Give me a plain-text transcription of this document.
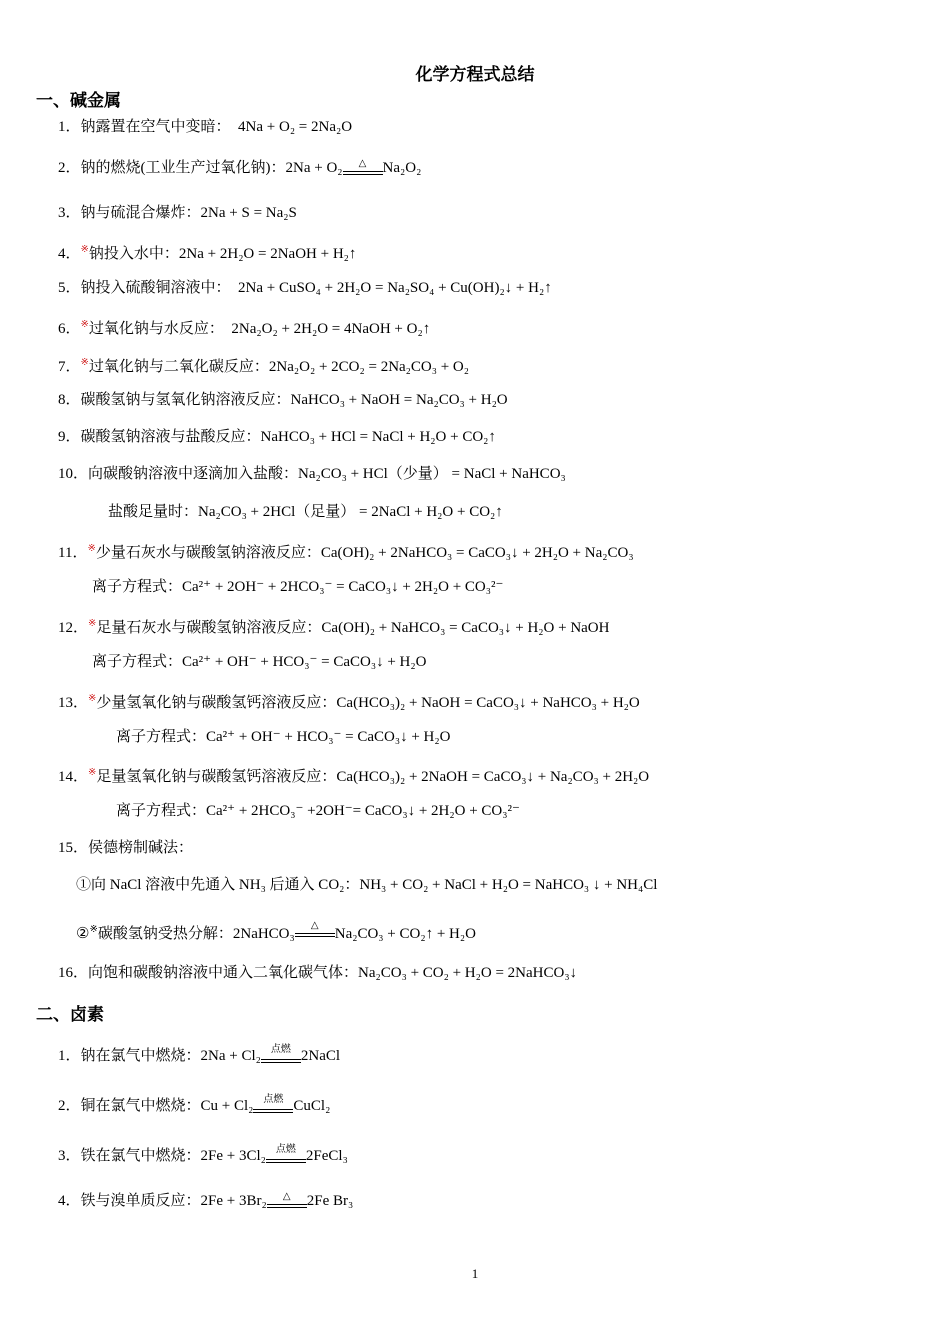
化学方程式总结
一、碱金属
1．钠露置在空气中变暗： 4Na + O₂ = 2Na₂O
2．钠的燃烧(工业生产过氧化钠)：2Na + O₂ △ Na₂O₂
3．钠与硫混合爆炸：2Na + S = Na₂S
4．※钠投入水中：2Na + 2H₂O = 2NaOH + H₂↑
5．钠投入硫酸铜溶液中： 2Na + CuSO₄ + 2H₂O = Na₂SO₄ + Cu(OH)₂↓ + H₂↑
6．※过氧化钠与水反应： 2Na₂O₂ + 2H₂O = 4NaOH + O₂↑
7．※过氧化钠与二氧化碳反应：2Na₂O₂ + 2CO₂ = 2Na₂CO₃ + O₂
8．碳酸氢钠与氢氧化钠溶液反应：NaHCO₃ + NaOH = Na₂CO₃ + H₂O
9．碳酸氢钠溶液与盐酸反应：NaHCO₃ + HCl = NaCl + H₂O + CO₂↑
10．向碳酸钠溶液中逐滴加入盐酸：Na₂CO₃ + HCl（少量） = NaCl + NaHCO₃
盐酸足量时：Na₂CO₃ + 2HCl（足量） = 2NaCl + H₂O + CO₂↑
11．※少量石灰水与碳酸氢钠溶液反应：Ca(OH)₂ + 2NaHCO₃ = CaCO₃↓ + 2H₂O + Na₂CO₃
离子方程式：Ca²⁺ + 2OH⁻ + 2HCO₃⁻ = CaCO₃↓ + 2H₂O + CO₃²⁻
12．※足量石灰水与碳酸氢钠溶液反应：Ca(OH)₂ + NaHCO₃ = CaCO₃↓ + H₂O + NaOH
离子方程式：Ca²⁺ + OH⁻ + HCO₃⁻ = CaCO₃↓ + H₂O
13．※少量氢氧化钠与碳酸氢钙溶液反应：Ca(HCO₃)₂ + NaOH = CaCO₃↓ + NaHCO₃ + H₂O
离子方程式：Ca²⁺ + OH⁻ + HCO₃⁻ = CaCO₃↓ + H₂O
14．※足量氢氧化钠与碳酸氢钙溶液反应：Ca(HCO₃)₂ + 2NaOH = CaCO₃↓ + Na₂CO₃ + 2H₂O
离子方程式：Ca²⁺ + 2HCO₃⁻ +2OH⁻= CaCO₃↓ + 2H₂O + CO₃²⁻
15．侯德榜制碱法：
①向 NaCl 溶液中先通入 NH₃ 后通入 CO₂：NH₃ + CO₂ + NaCl + H₂O = NaHCO₃ ↓ + NH₄Cl
②※碳酸氢钠受热分解：2NaHCO₃
△
Na₂CO₃ + CO₂↑ + H₂O
16．向饱和碳酸钠溶液中通入二氧化碳气体：Na₂CO₃ + CO₂ + H₂O = 2NaHCO₃↓
二、卤素
1．钠在氯气中燃烧：2Na + Cl₂	点燃 2NaCl
2．铜在氯气中燃烧：Cu + Cl₂	点燃 CuCl₂
3．铁在氯气中燃烧：2Fe + 3Cl₂	点燃 2FeCl₃
4．铁与溴单质反应：2Fe + 3Br₂ △ 2Fe Br₃
1
